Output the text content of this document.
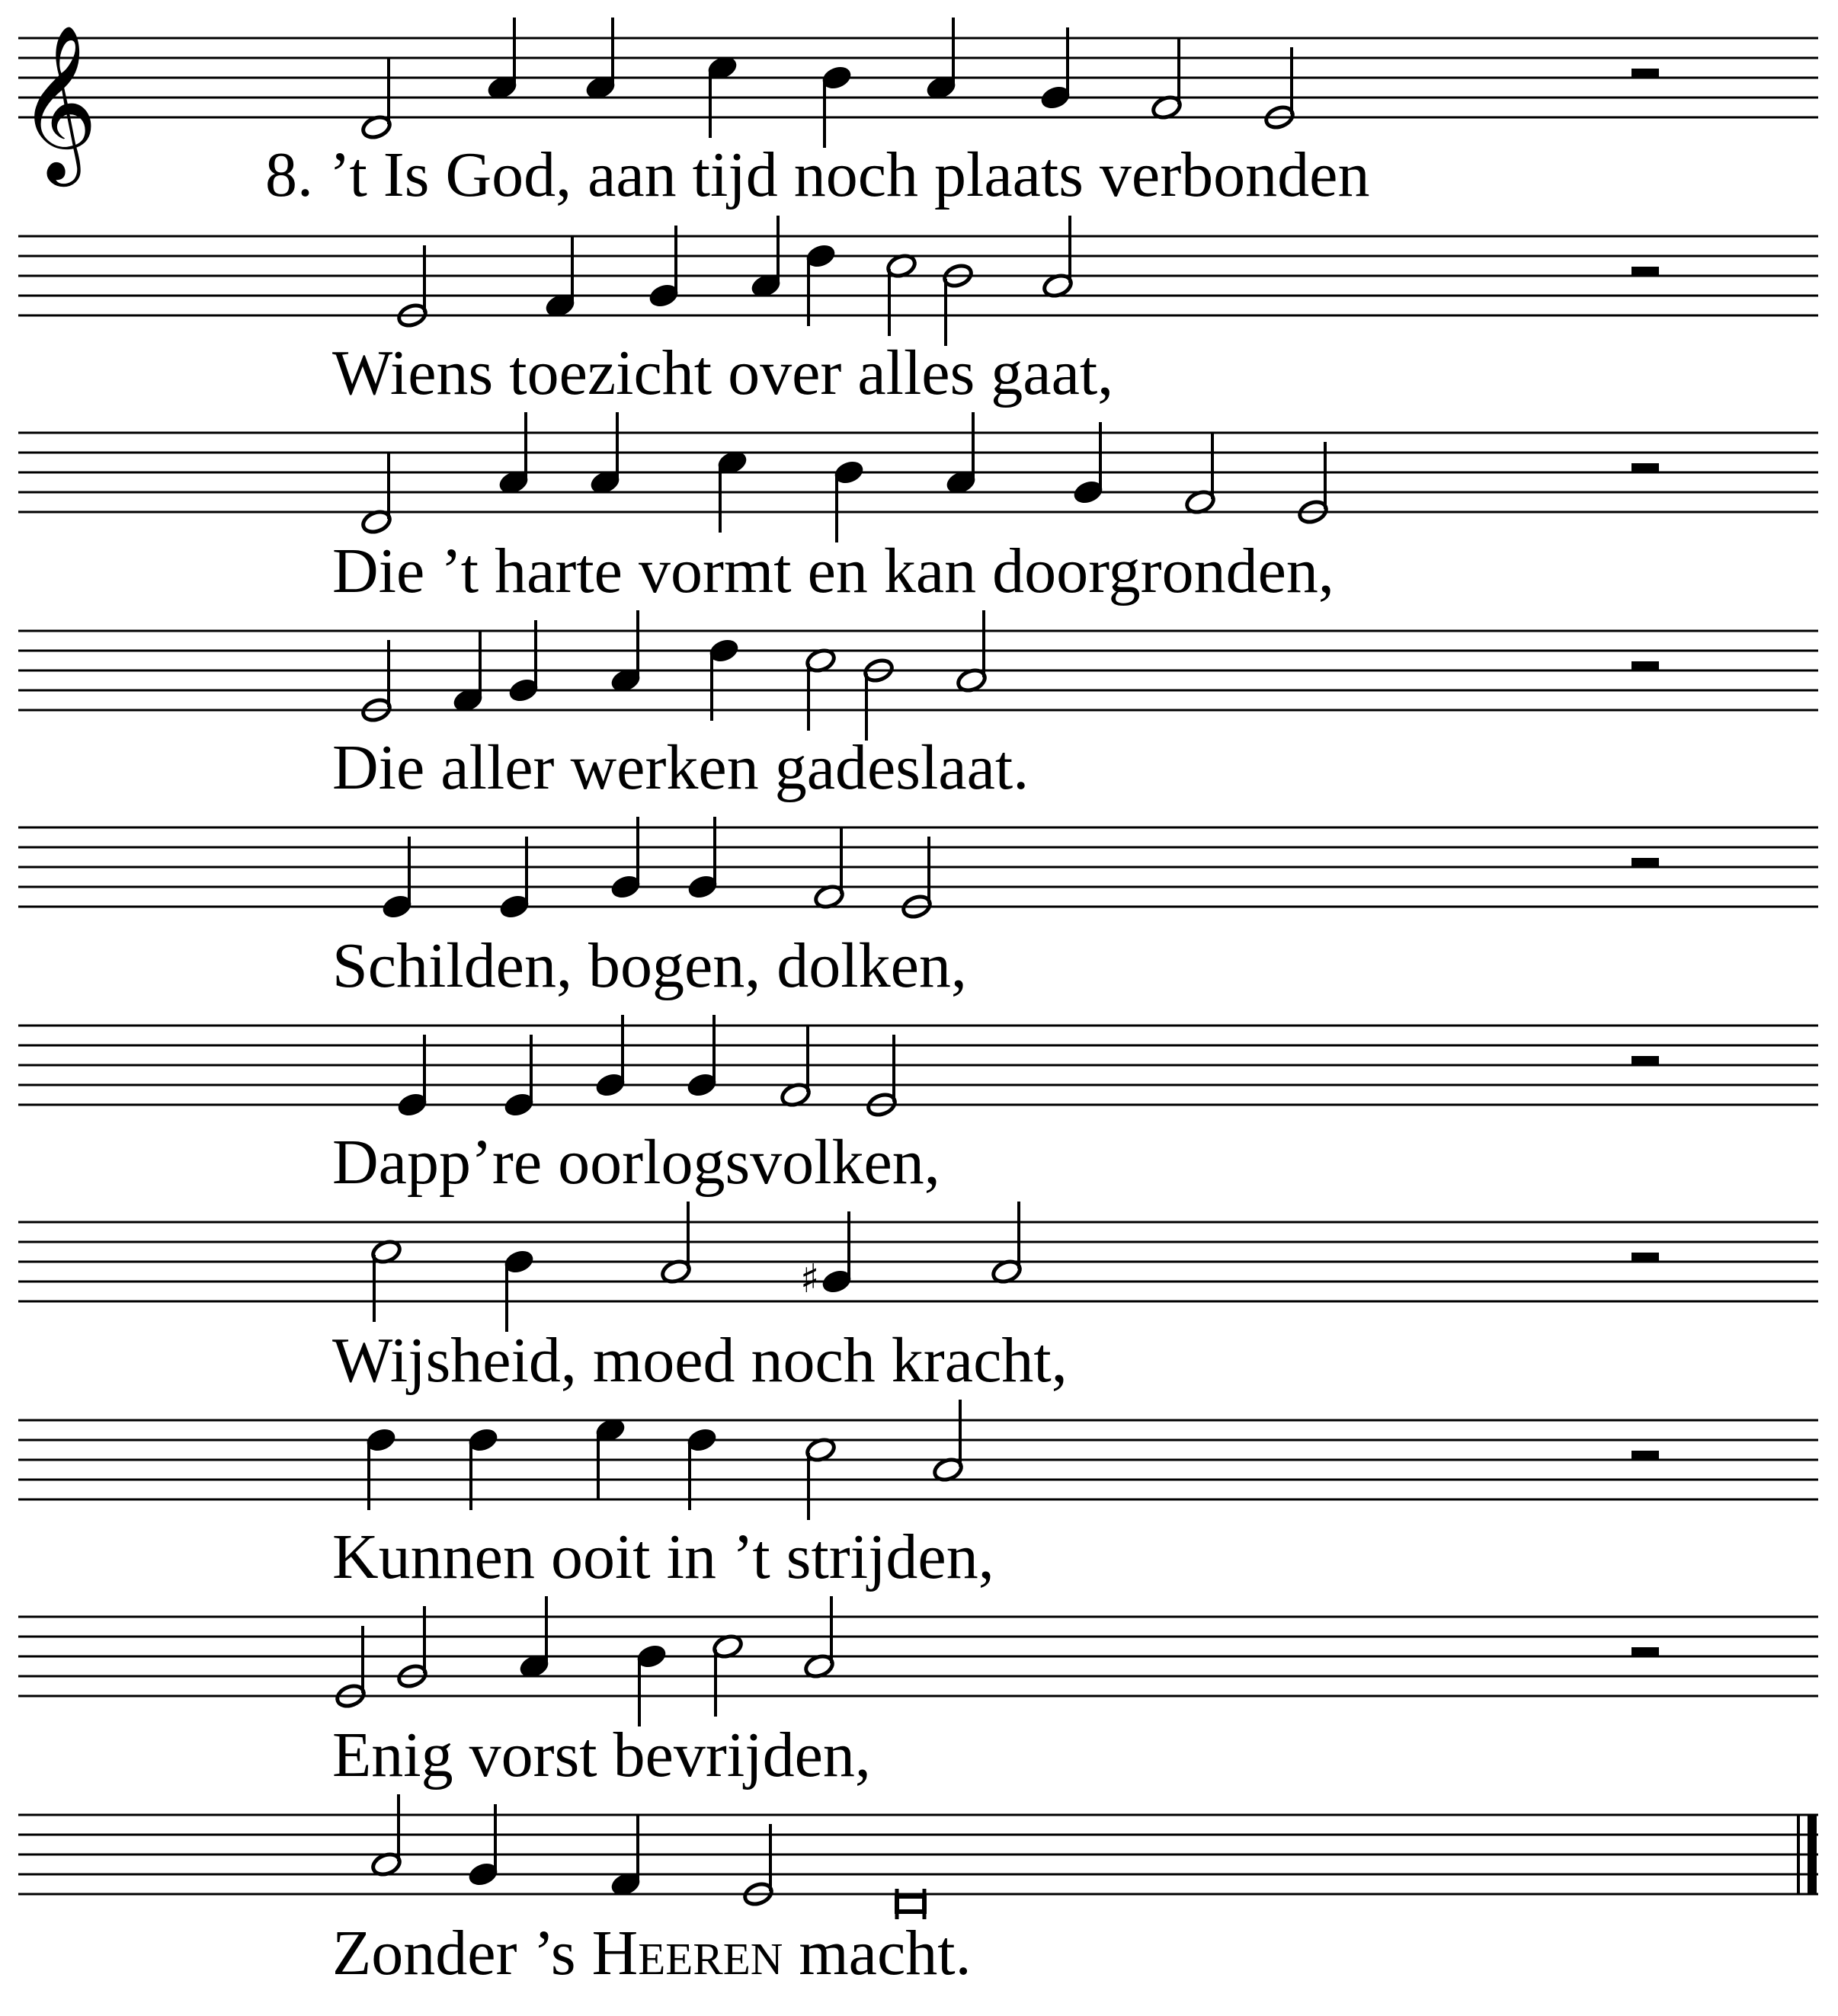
𝄞
♯
8. ’t Is God, aan tijd noch plaats verbonden
Wiens toezicht over alles gaat,
Die ’t harte vormt en kan doorgronden,
Die aller werken gadeslaat.
Schilden, bogen, dolken,
Dapp’re oorlogsvolken,
Wijsheid, moed noch kracht,
Kunnen ooit in ’t strijden,
Enig vorst bevrijden,
Zonder ’s Heeren macht.
